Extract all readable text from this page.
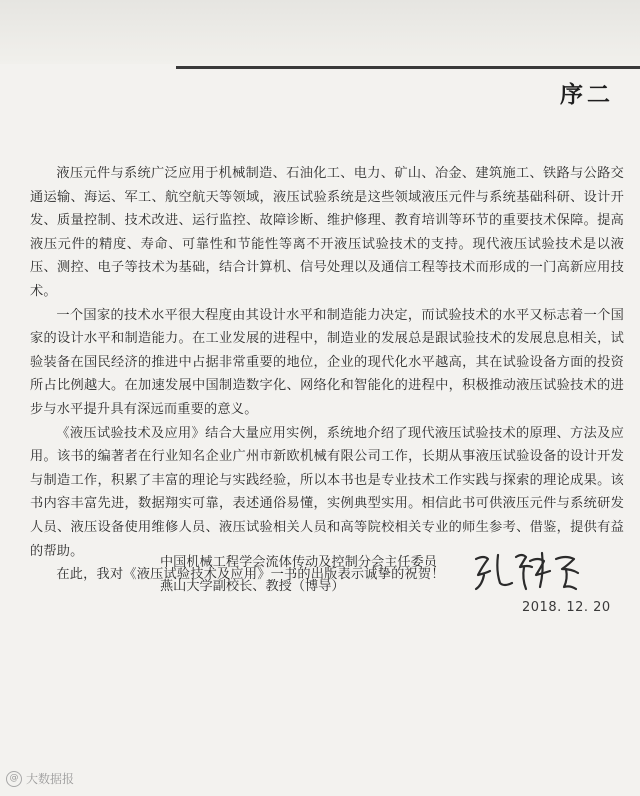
序二

液压元件与系统广泛应用于机械制造、石油化工、电力、矿山、冶金、建筑施工、铁路与公路交通运输、海运、军工、航空航天等领域，液压试验系统是这些领域液压元件与系统基础科研、设计开发、质量控制、技术改进、运行监控、故障诊断、维护修理、教育培训等环节的重要技术保障。提高液压元件的精度、寿命、可靠性和节能性等离不开液压试验技术的支持。现代液压试验技术是以液压、测控、电子等技术为基础，结合计算机、信号处理以及通信工程等技术而形成的一门高新应用技术。

一个国家的技术水平很大程度由其设计水平和制造能力决定，而试验技术的水平又标志着一个国家的设计水平和制造能力。在工业发展的进程中，制造业的发展总是跟试验技术的发展息息相关，试验装备在国民经济的推进中占据非常重要的地位，企业的现代化水平越高，其在试验设备方面的投资所占比例越大。在加速发展中国制造数字化、网络化和智能化的进程中，积极推动液压试验技术的进步与水平提升具有深远而重要的意义。

《液压试验技术及应用》结合大量应用实例，系统地介绍了现代液压试验技术的原理、方法及应用。该书的编著者在行业知名企业广州市新欧机械有限公司工作，长期从事液压试验设备的设计开发与制造工作，积累了丰富的理论与实践经验，所以本书也是专业技术工作实践与探索的理论成果。该书内容丰富先进，数据翔实可靠，表述通俗易懂，实例典型实用。相信此书可供液压元件与系统研发人员、液压设备使用维修人员、液压试验相关人员和高等院校相关专业的师生参考、借鉴，提供有益的帮助。

在此，我对《液压试验技术及应用》一书的出版表示诚挚的祝贺！

中国机械工程学会流体传动及控制分会主任委员
燕山大学副校长、教授（博导）
2018. 12. 20
@ 大数据报
